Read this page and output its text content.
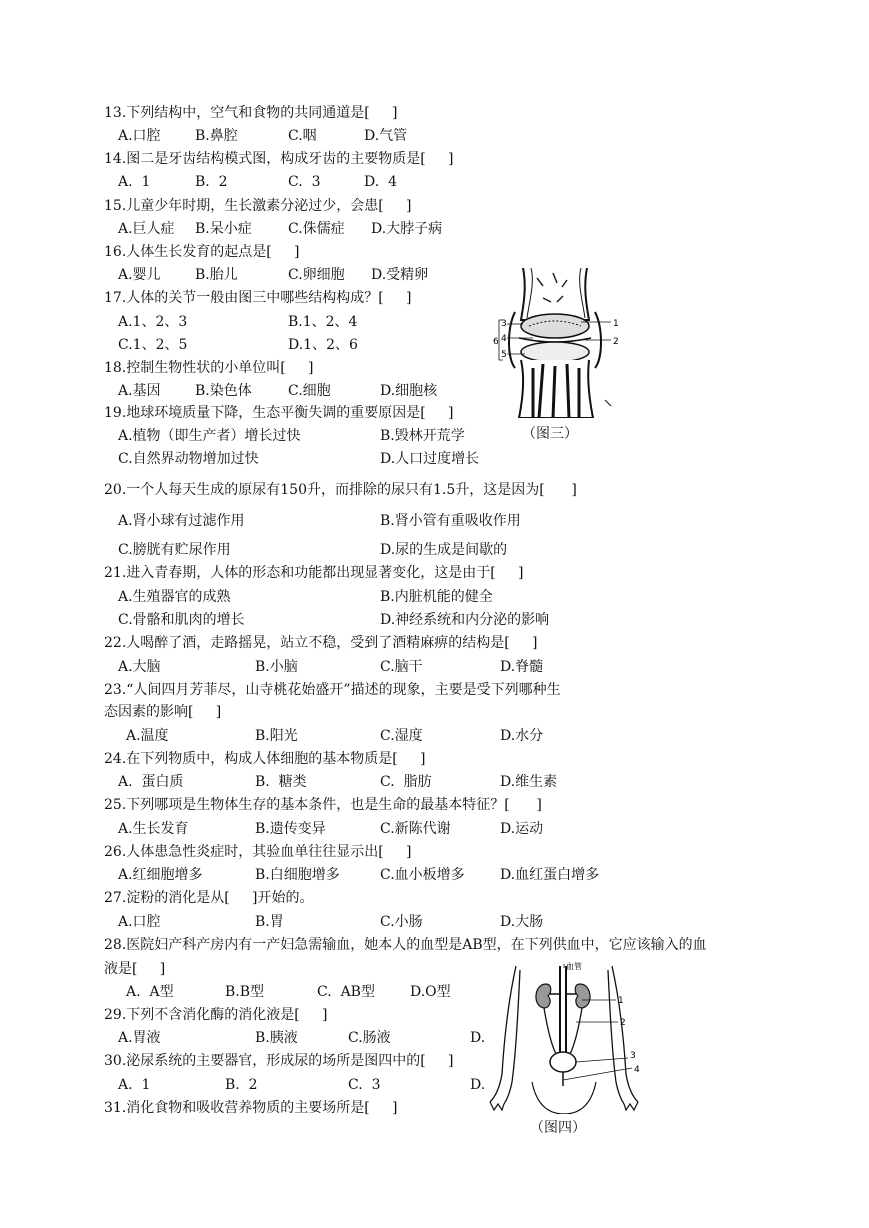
13.下列结构中，空气和食物的共同通道是[     ]
A.口腔 B.鼻腔	C.咽	D.气管
14.图二是牙齿结构模式图，构成牙齿的主要物质是[     ]
A.  1	B.  2	C.  3	D.  4
15.儿童少年时期，生长激素分泌过少，会患[     ]
A.巨人症 B.呆小症	C.侏儒症 D.大脖子病
16.人体生长发育的起点是[     ]
A.婴儿 B.胎儿	C.卵细胞 D.受精卵
17.人体的关节一般由图三中哪些结构构成？[     ]
A.1、2、3	B.1、2、4
C.1、2、5	D.1、2、6
18.控制生物性状的小单位叫[     ]
A.基因 B.染色体	C.细胞	D.细胞核
19.地球环境质量下降，生态平衡失调的重要原因是[     ]
A.植物（即生产者）增长过快	B.毁林开荒学
C.自然界动物增加过快	D.人口过度增长
20.一个人每天生成的原尿有150升，而排除的尿只有1.5升，这是因为[      ]
A.肾小球有过滤作用	B.肾小管有重吸收作用
C.膀胱有贮尿作用	D.尿的生成是间歇的
21.进入青春期，人体的形态和功能都出现显著变化，这是由于[     ]
A.生殖器官的成熟	B.内脏机能的健全
C.骨骼和肌肉的增长	D.神经系统和内分泌的影响
22.人喝醉了酒，走路摇晃，站立不稳，受到了酒精麻痹的结构是[     ]
A.大脑	B.小脑	C.脑干	D.脊髓
23.“人间四月芳菲尽，山寺桃花始盛开”描述的现象，主要是受下列哪种生
态因素的影响[     ]
A.温度	B.阳光	C.湿度	D.水分
24.在下列物质中，构成人体细胞的基本物质是[     ]
A.  蛋白质	B.  糖类	C.  脂肪	D.维生素
25.下列哪项是生物体生存的基本条件，也是生命的最基本特征？[      ]
A.生长发育	B.遗传变异	C.新陈代谢	D.运动
26.人体患急性炎症时，其验血单往往显示出[     ]
A.红细胞增多	B.白细胞增多	C.血小板增多	D.血红蛋白增多
27.淀粉的消化是从[     ]开始的。
A.口腔	B.胃	C.小肠	D.大肠
28.医院妇产科产房内有一产妇急需输血，她本人的血型是AB型，在下列供血中，它应该输入的血
液是[     ]
A.  A型	B.B型	C.  AB型	D.O型
29.下列不含消化酶的消化液是[     ]
A.胃液	B.胰液	C.肠液	D.
30.泌尿系统的主要器官，形成尿的场所是图四中的[     ]
A.  1	B.  2	C.  3	D.
31.消化食物和吸收营养物质的主要场所是[     ]
1
2
3
4
5
6
（图三）
血管
1
2
3
4
（图四）
